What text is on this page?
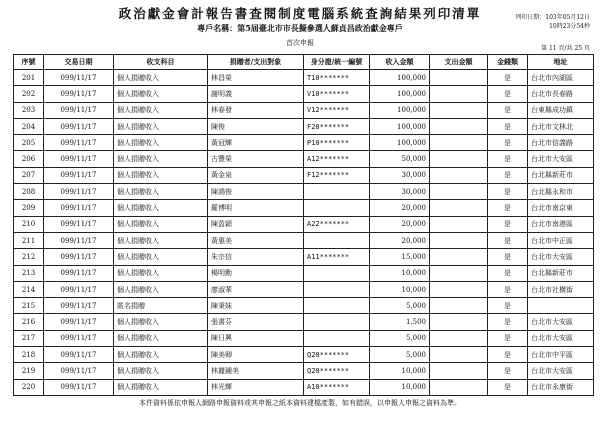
政治獻金會計報告書查閱制度電腦系統查詢結果列印清單
專戶名稱：第5屆臺北市市長擬參選人蘇貞昌政治獻金專戶
首次申報
列印日期：103年05月12日
10時23分54秒
第 11 頁/共 25 頁
序號	交易日期	收支科目	捐贈者/支出對象	身分證/統一編號	收入金額	支出金額	金錢類	地址
201	099/11/17	個人捐贈收入	林昌榮	T10*******	100,000		是	台北市內湖區
202	099/11/17	個人捐贈收入	謝明義	V10*******	100,000		是	台北市長春路
203	099/11/17	個人捐贈收入	林春發	V12*******	100,000		是	台東縣成功鎮
204	099/11/17	個人捐贈收入	陳俊	F20*******	100,000		是	台北市文林北
205	099/11/17	個人捐贈收入	黃冠輝	P10*******	100,000		是	台北市信義路
206	099/11/17	個人捐贈收入	古豐榮	A12*******	50,000		是	台北市大安區
207	099/11/17	個人捐贈收入	黃金泉	F12*******	30,000		是	台北縣新莊市
208	099/11/17	個人捐贈收入	陳鴻俊		30,000		是	台北縣永和市
209	099/11/17	個人捐贈收入	羅博明		20,000		是	台北市南京東
210	099/11/17	個人捐贈收入	陳盈穎	A22*******	20,000		是	台北市南港區
211	099/11/17	個人捐贈收入	黃惠美		20,000		是	台北市中正區
212	099/11/17	個人捐贈收入	朱宗信	A11*******	15,000		是	台北市大安區
213	099/11/17	個人捐贈收入	楊明勳		10,000		是	台北縣新莊市
214	099/11/17	個人捐贈收入	廖淑華		10,000		是	台北市社横街
215	099/11/17	匿名捐贈	陳秉妹		5,000		是	
216	099/11/17	個人捐贈收入	張書芬		1,500		是	台北市大安區
217	099/11/17	個人捐贈收入	陳日興		5,000		是	台北市大安區
218	099/11/17	個人捐贈收入	陳美卿	Q20*******	5,000		是	台北市中平區
219	099/11/17	個人捐贈收入	林麗鍾美	Q20*******	10,000		是	台北市大安區
220	099/11/17	個人捐贈收入	林光輝	A10*******	10,000		是	台北市永康街
本件資料係依申報人網路申報資料或其申報之紙本資料建檔產製，如有錯誤，以申報人申報之資料為準。
